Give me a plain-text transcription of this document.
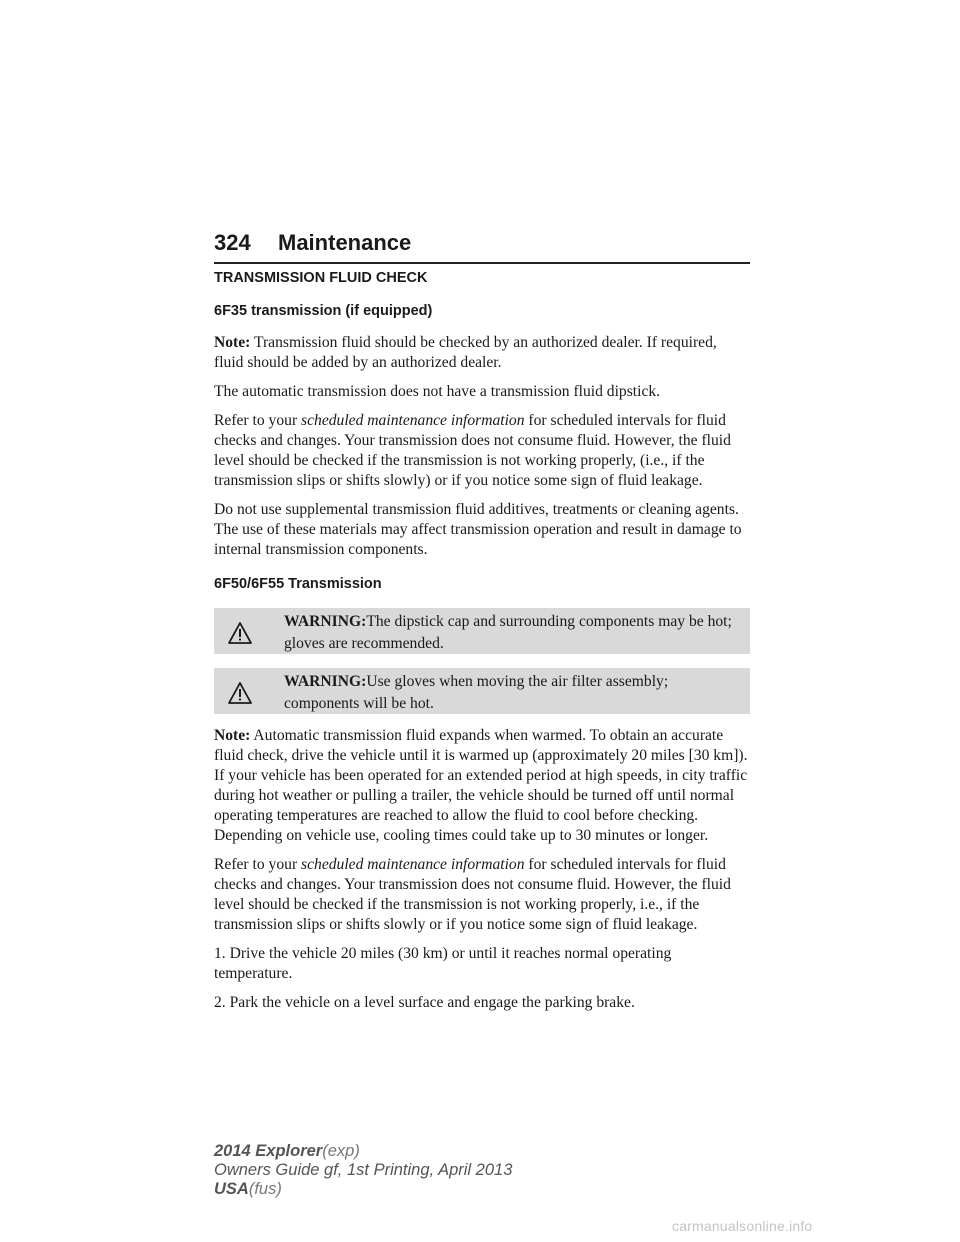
324 Maintenance
TRANSMISSION FLUID CHECK
6F35 transmission (if equipped)

Note: Transmission fluid should be checked by an authorized dealer. If required, fluid should be added by an authorized dealer.

The automatic transmission does not have a transmission fluid dipstick.

Refer to your scheduled maintenance information for scheduled intervals for fluid checks and changes. Your transmission does not consume fluid. However, the fluid level should be checked if the transmission is not working properly, (i.e., if the transmission slips or shifts slowly) or if you notice some sign of fluid leakage.

Do not use supplemental transmission fluid additives, treatments or cleaning agents. The use of these materials may affect transmission operation and result in damage to internal transmission components.

6F50/6F55 Transmission
WARNING:The dipstick cap and surrounding components may be hot; gloves are recommended.
WARNING:Use gloves when moving the air filter assembly; components will be hot.

Note: Automatic transmission fluid expands when warmed. To obtain an accurate fluid check, drive the vehicle until it is warmed up (approximately 20 miles [30 km]). If your vehicle has been operated for an extended period at high speeds, in city traffic during hot weather or pulling a trailer, the vehicle should be turned off until normal operating temperatures are reached to allow the fluid to cool before checking. Depending on vehicle use, cooling times could take up to 30 minutes or longer.

Refer to your scheduled maintenance information for scheduled intervals for fluid checks and changes. Your transmission does not consume fluid. However, the fluid level should be checked if the transmission is not working properly, i.e., if the transmission slips or shifts slowly or if you notice some sign of fluid leakage.

1. Drive the vehicle 20 miles (30 km) or until it reaches normal operating temperature.

2. Park the vehicle on a level surface and engage the parking brake.

2014 Explorer(exp)
Owners Guide gf, 1st Printing, April 2013
USA(fus)
carmanualsonline.info
